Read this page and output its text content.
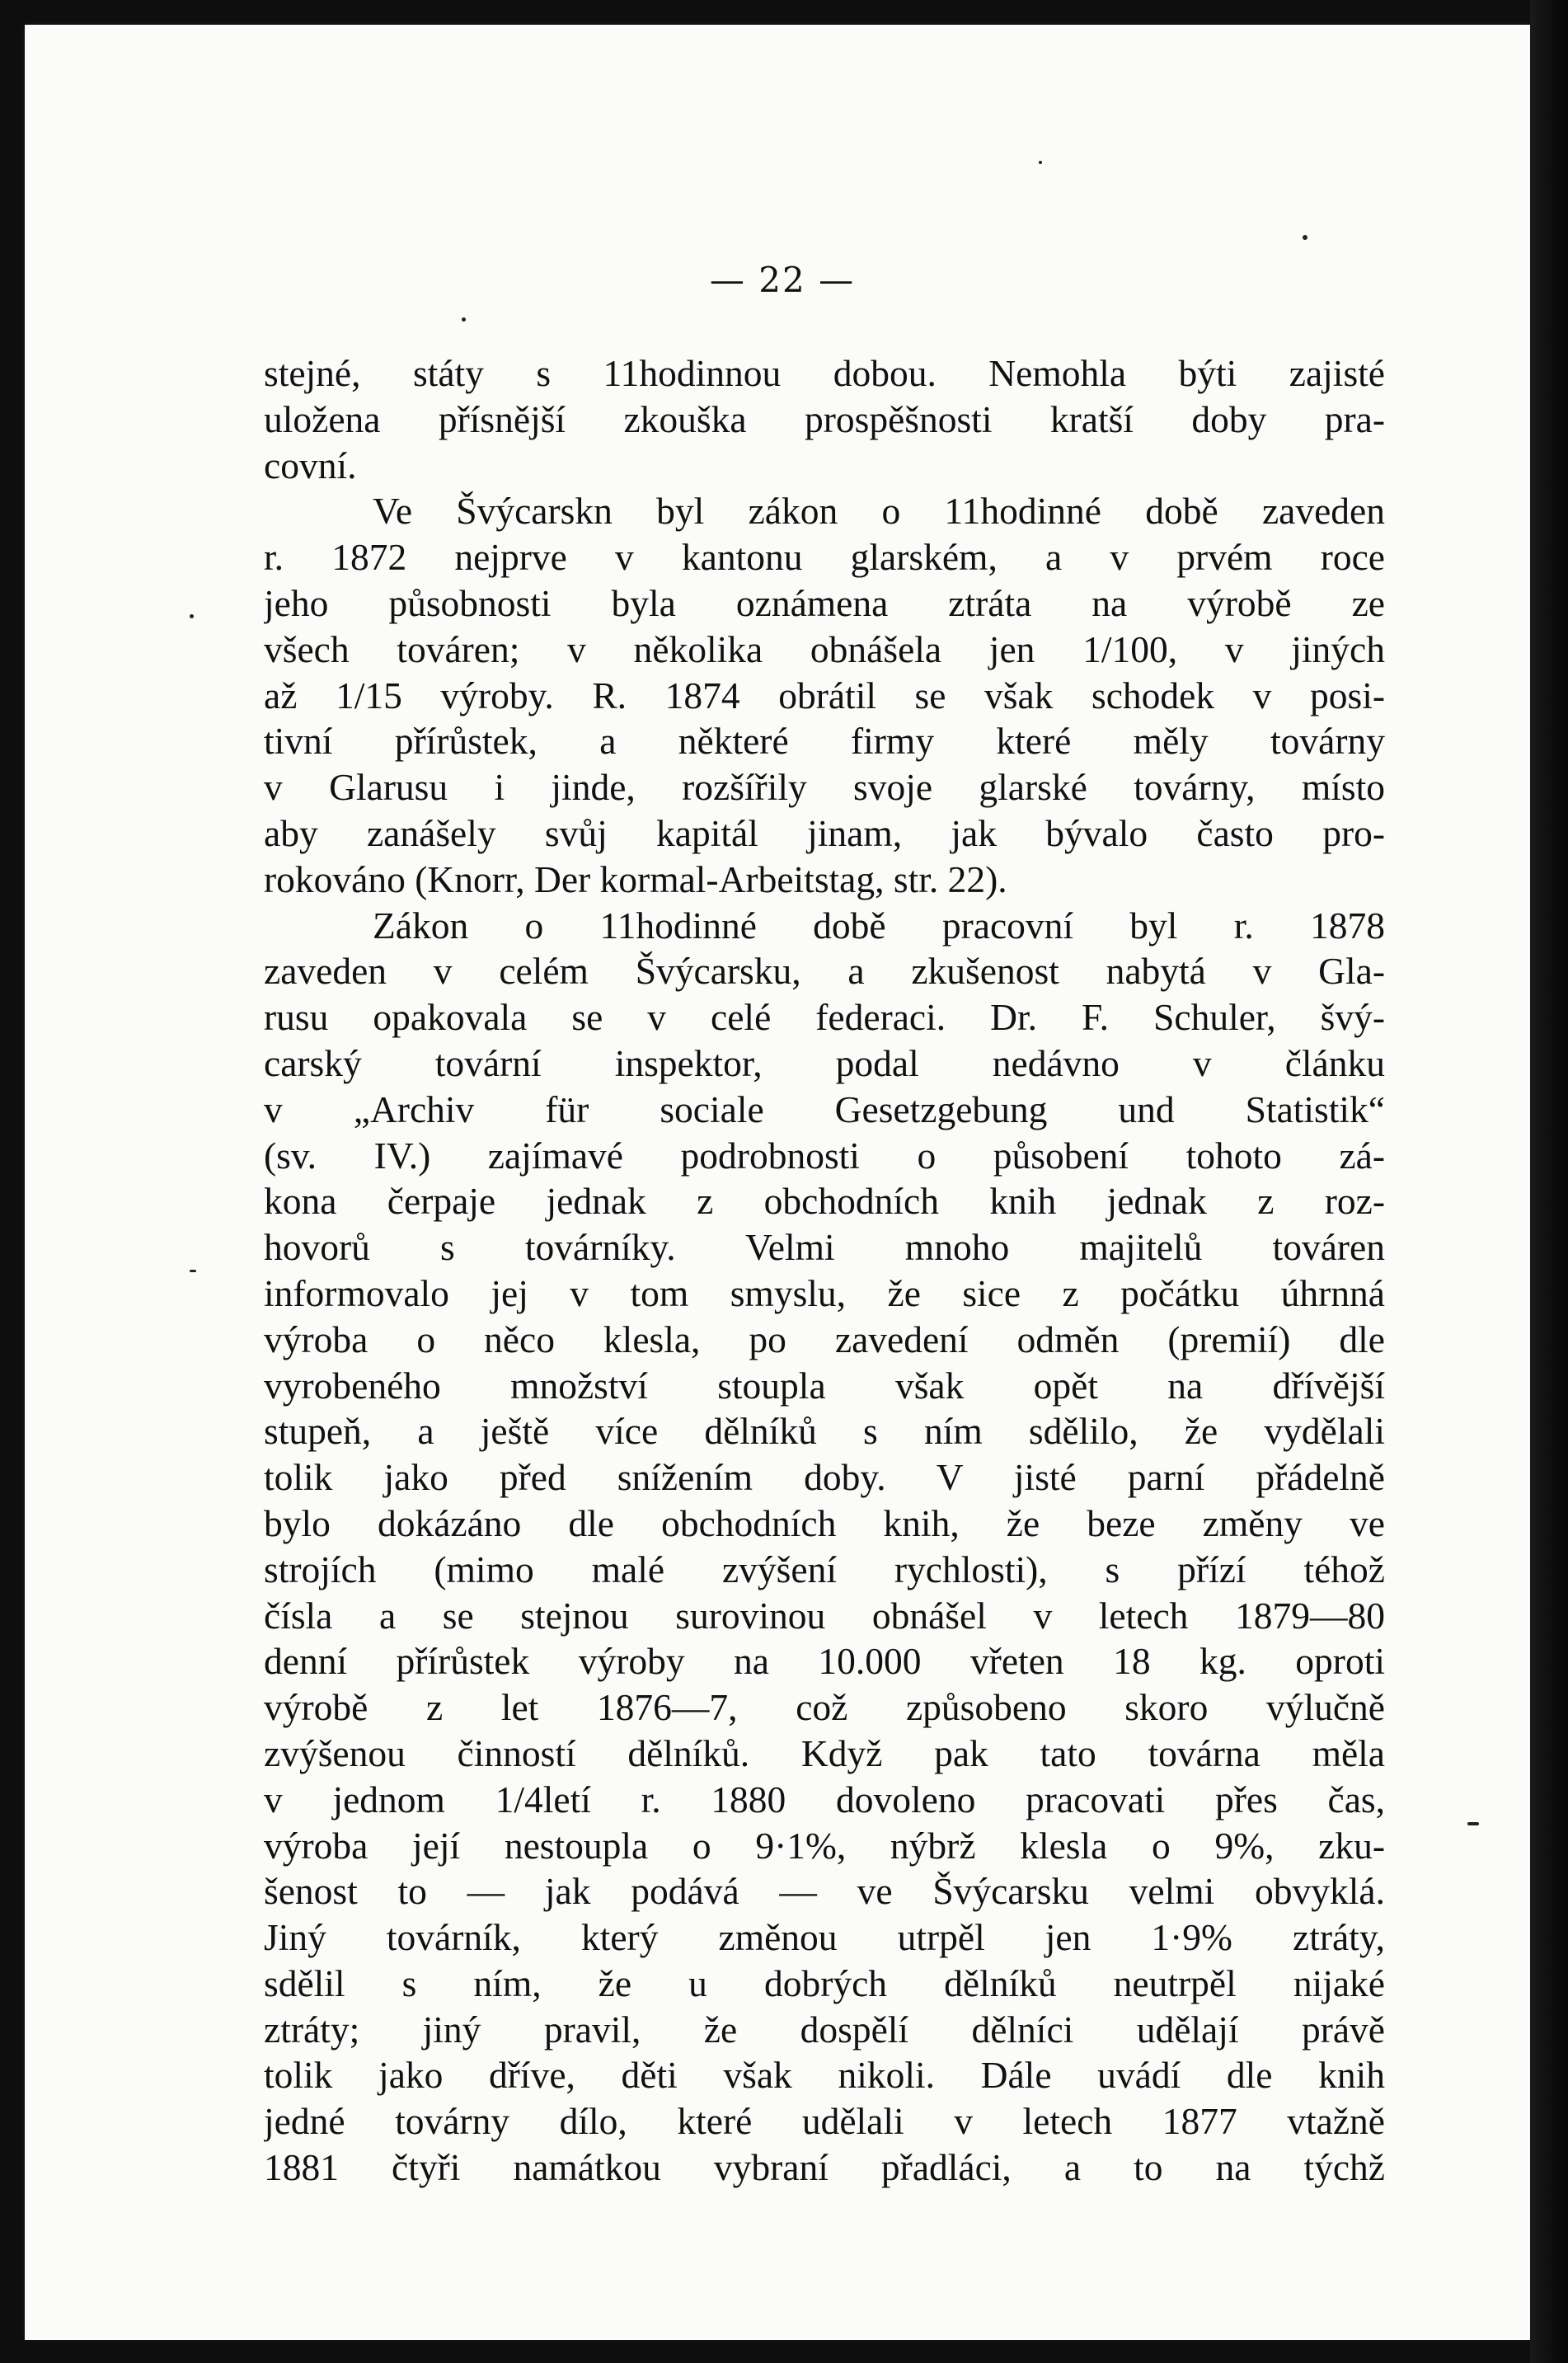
— 22 —
stejné, státy s 11hodinnou dobou. Nemohla býti zajisté
uložena přísnější zkouška prospěšnosti kratší doby pra-
covní.
Ve Švýcarskn byl zákon o 11hodinné době zaveden
r. 1872 nejprve v kantonu glarském, a v prvém roce
jeho působnosti byla oznámena ztráta na výrobě ze
všech továren; v několika obnášela jen 1/100, v jiných
až 1/15 výroby. R. 1874 obrátil se však schodek v posi-
tivní přírůstek, a některé firmy které měly továrny
v Glarusu i jinde, rozšířily svoje glarské továrny, místo
aby zanášely svůj kapitál jinam, jak bývalo často pro-
rokováno (Knorr, Der kormal-Arbeitstag, str. 22).
Zákon o 11hodinné době pracovní byl r. 1878
zaveden v celém Švýcarsku, a zkušenost nabytá v Gla-
rusu opakovala se v celé federaci. Dr. F. Schuler, švý-
carský tovární inspektor, podal nedávno v článku
v „Archiv für sociale Gesetzgebung und Statistik“
(sv. IV.) zajímavé podrobnosti o působení tohoto zá-
kona čerpaje jednak z obchodních knih jednak z roz-
hovorů s továrníky. Velmi mnoho majitelů továren
informovalo jej v tom smyslu, že sice z počátku úhrnná
výroba o něco klesla, po zavedení odměn (premií) dle
vyrobeného množství stoupla však opět na dřívější
stupeň, a ještě více dělníků s ním sdělilo, že vydělali
tolik jako před snížením doby. V jisté parní přádelně
bylo dokázáno dle obchodních knih, že beze změny ve
strojích (mimo malé zvýšení rychlosti), s přízí téhož
čísla a se stejnou surovinou obnášel v letech 1879—80
denní přírůstek výroby na 10.000 vřeten 18 kg. oproti
výrobě z let 1876—7, což způsobeno skoro výlučně
zvýšenou činností dělníků. Když pak tato továrna měla
v jednom 1/4letí r. 1880 dovoleno pracovati přes čas,
výroba její nestoupla o 9·1%, nýbrž klesla o 9%, zku-
šenost to — jak podává — ve Švýcarsku velmi obvyklá.
Jiný továrník, který změnou utrpěl jen 1·9% ztráty,
sdělil s ním, že u dobrých dělníků neutrpěl nijaké
ztráty; jiný pravil, že dospělí dělníci udělají právě
tolik jako dříve, děti však nikoli. Dále uvádí dle knih
jedné továrny dílo, které udělali v letech 1877 vtažně
1881 čtyři namátkou vybraní přadláci, a to na týchž
